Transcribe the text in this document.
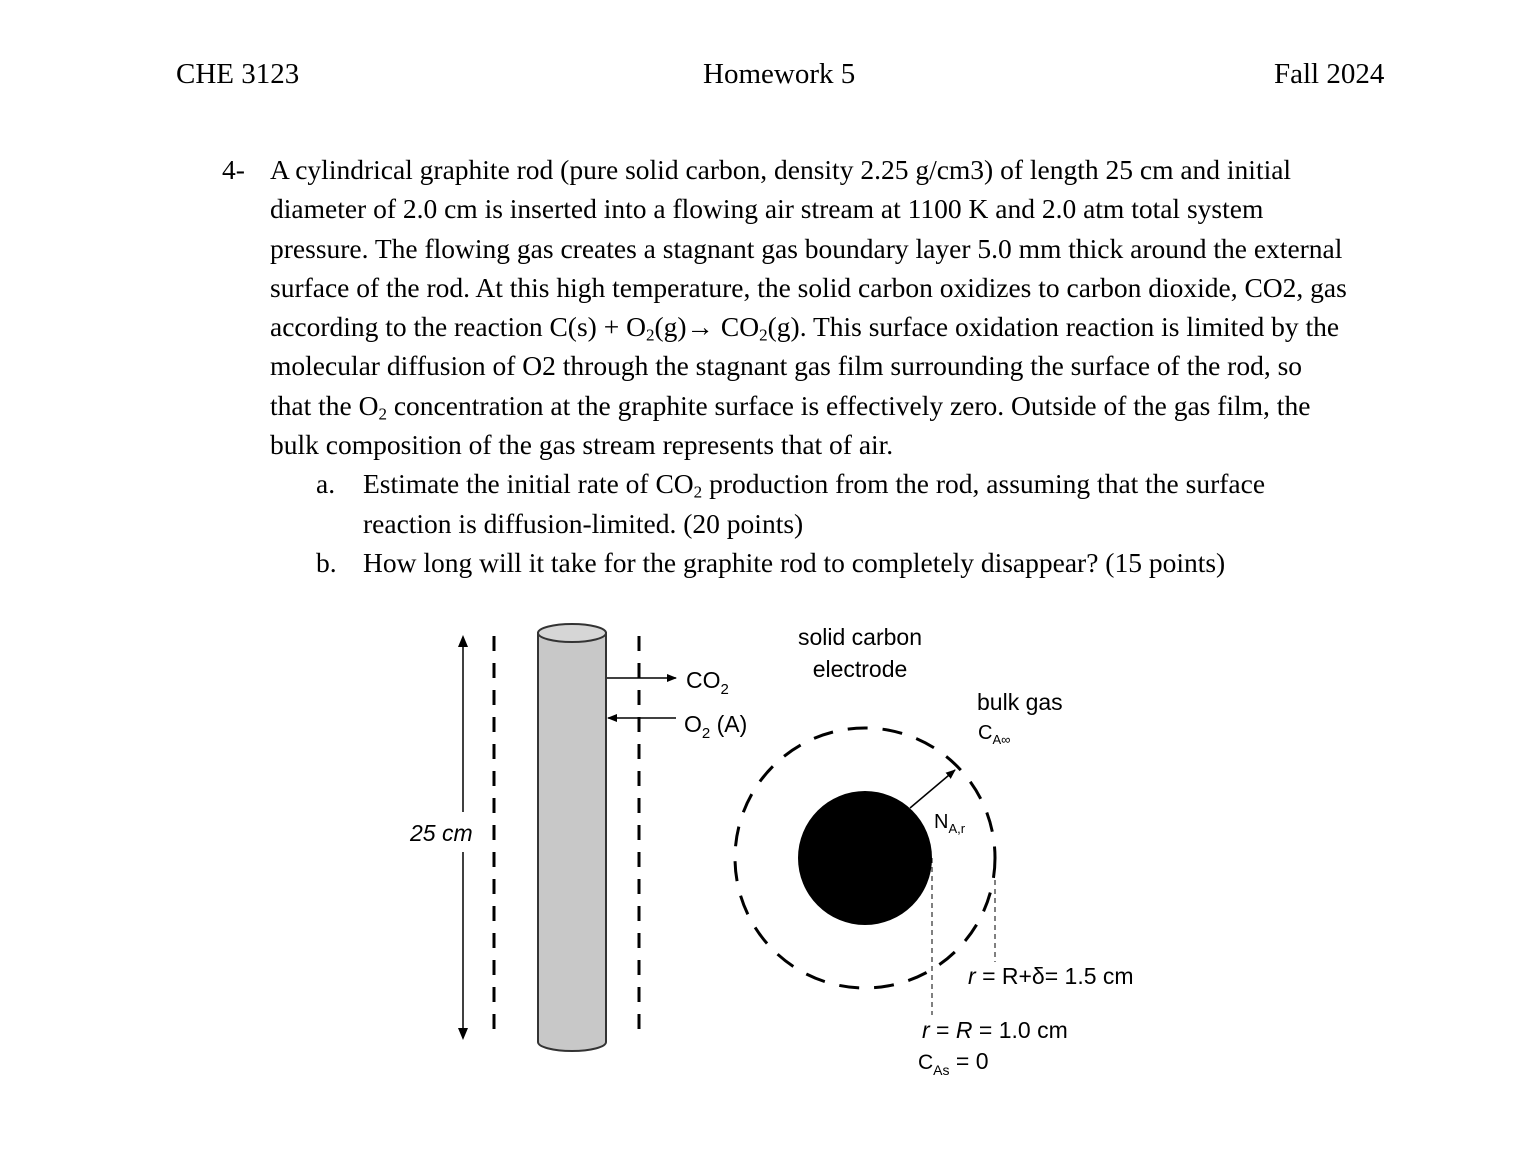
CHE 3123	Homework 5	Fall 2024
4- A cylindrical graphite rod (pure solid carbon, density 2.25 g/cm3) of length 25 cm and initial
diameter of 2.0 cm is inserted into a flowing air stream at 1100 K and 2.0 atm total system
pressure. The flowing gas creates a stagnant gas boundary layer 5.0 mm thick around the external
surface of the rod. At this high temperature, the solid carbon oxidizes to carbon dioxide, CO2, gas
according to the reaction $C(s) + O_2(g)\to CO_2(g)$. This surface oxidation reaction is limited by the
molecular diffusion of O2 through the stagnant gas film surrounding the surface of the rod, so
that the $O_2$ concentration at the graphite surface is effectively zero. Outside of the gas film, the
bulk composition of the gas stream represents that of air.

a. Estimate the initial rate of $CO_2$ production from the rod, assuming that the surface
reaction is diffusion-limited. (20 points)
b. How long will it take for the graphite rod to completely disappear? (15 points)
25 cm
$CO_2$
$O_2$ (A)
solid carbon
electrode
bulk gas
$C_{A\infty}$
$N_{A,r}$
r = R+δ= 1.5 cm
r = R = 1.0 cm
$C_{As} = 0$
